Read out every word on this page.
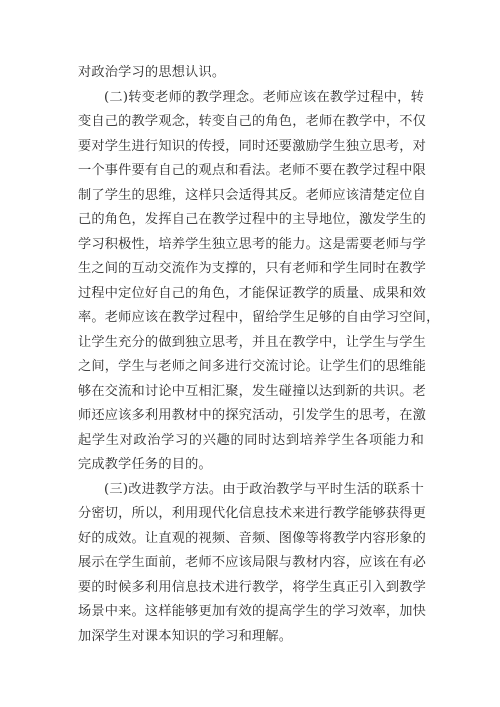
对政治学习的思想认识。
(二)转变老师的教学理念。老师应该在教学过程中，转
变自己的教学观念，转变自己的角色，老师在教学中，不仅
要对学生进行知识的传授，同时还要激励学生独立思考，对
一个事件要有自己的观点和看法。老师不要在教学过程中限
制了学生的思维，这样只会适得其反。老师应该清楚定位自
己的角色，发挥自己在教学过程中的主导地位，激发学生的
学习积极性，培养学生独立思考的能力。这是需要老师与学
生之间的互动交流作为支撑的，只有老师和学生同时在教学
过程中定位好自己的角色，才能保证教学的质量、成果和效
率。老师应该在教学过程中，留给学生足够的自由学习空间，
让学生充分的做到独立思考，并且在教学中，让学生与学生
之间，学生与老师之间多进行交流讨论。让学生们的思维能
够在交流和讨论中互相汇聚，发生碰撞以达到新的共识。老
师还应该多利用教材中的探究活动，引发学生的思考，在激
起学生对政治学习的兴趣的同时达到培养学生各项能力和
完成教学任务的目的。
(三)改进教学方法。由于政治教学与平时生活的联系十
分密切，所以，利用现代化信息技术来进行教学能够获得更
好的成效。让直观的视频、音频、图像等将教学内容形象的
展示在学生面前，老师不应该局限与教材内容，应该在有必
要的时候多利用信息技术进行教学，将学生真正引入到教学
场景中来。这样能够更加有效的提高学生的学习效率，加快
加深学生对课本知识的学习和理解。
